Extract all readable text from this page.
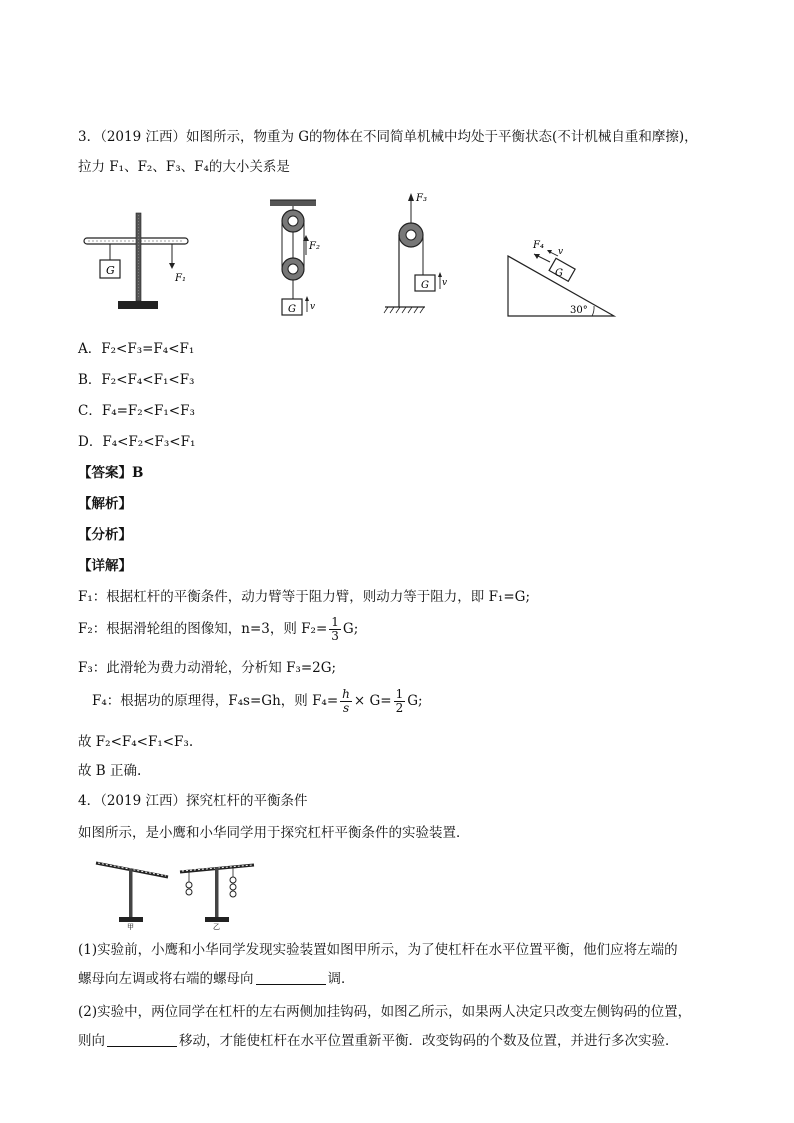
3．（2019 江西）如图所示，物重为 G的物体在不同简单机械中均处于平衡状态(不计机械自重和摩擦)，
拉力 F₁、F₂、F₃、F₄的大小关系是
G
F₁
F₂
G v
F₃
G v
G
F₄
v
30°
A．F₂<F₃=F₄<F₁
B．F₂<F₄<F₁<F₃
C．F₄=F₂<F₁<F₃
D．F₄<F₂<F₃<F₁
【答案】B
【解析】
【分析】
【详解】
F₁：根据杠杆的平衡条件，动力臂等于阻力臂，则动力等于阻力，即 F₁=G;
F₂：根据滑轮组的图像知，n=3，则 $F_2= \frac{1}{3} G$;
F₃：此滑轮为费力动滑轮，分析知 F₃=2G;
F₄：根据功的原理得，F₄s=Gh，则 $F_4= \frac{h}{s} \times G= \frac{1}{2} G$;
故 F₂<F₄<F₁<F₃.
故 B 正确.
4．（2019 江西）探究杠杆的平衡条件
如图所示，是小鹰和小华同学用于探究杠杆平衡条件的实验装置．
甲	乙
(1)实验前，小鹰和小华同学发现实验装置如图甲所示，为了使杠杆在水平位置平衡，他们应将左端的
螺母向左调或将右端的螺母向	调．
(2)实验中，两位同学在杠杆的左右两侧加挂钩码，如图乙所示，如果两人决定只改变左侧钩码的位置，
则向	移动，才能使杠杆在水平位置重新平衡．改变钩码的个数及位置，并进行多次实验．
